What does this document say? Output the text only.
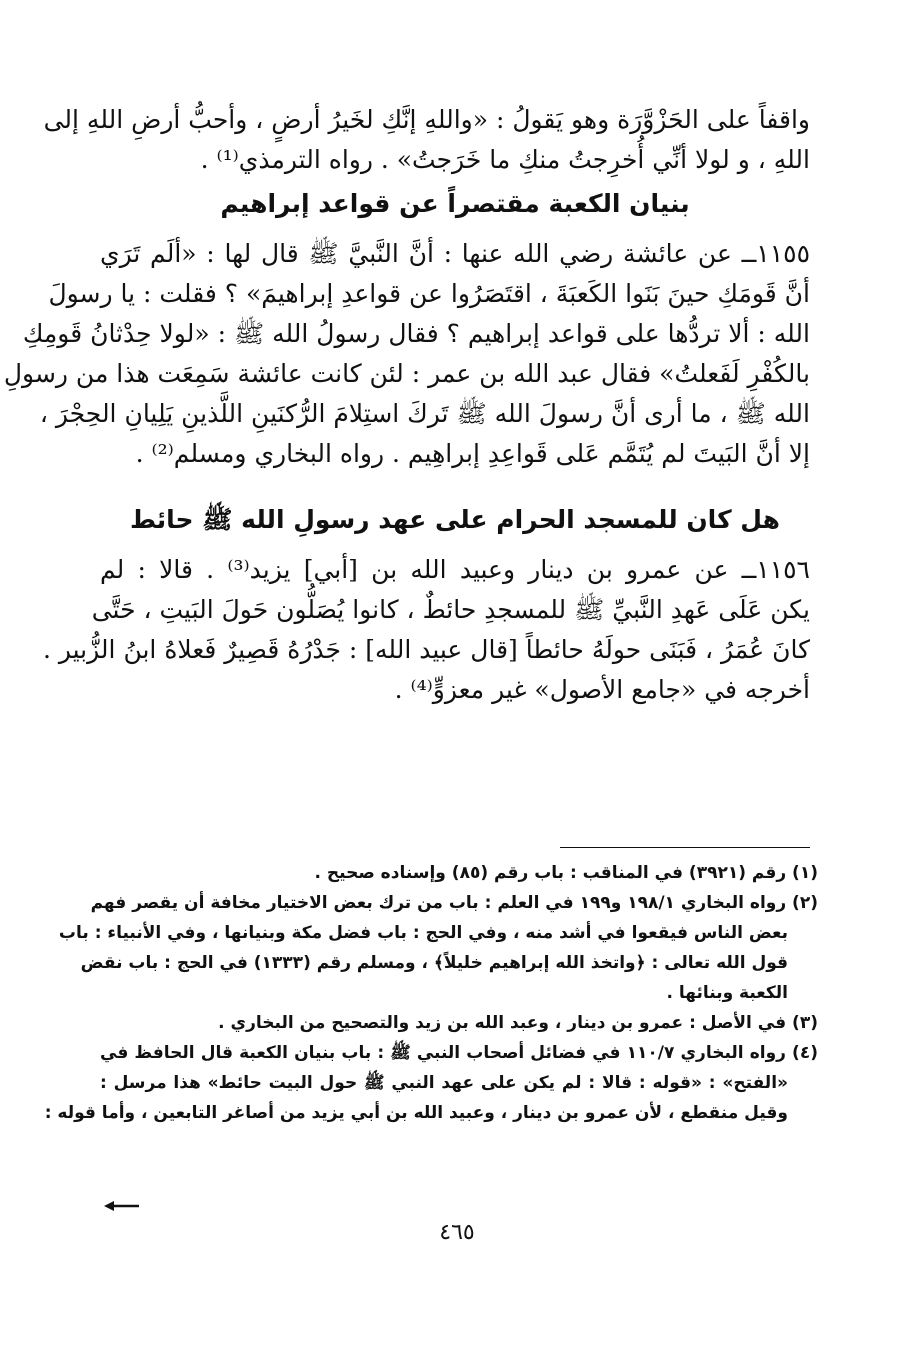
واقفاً على الحَزْوَّرَة وهو يَقولُ : «واللهِ إنَّكِ لخَيرُ أرضٍ ، وأحبُّ أرضِ اللهِ إلى
اللهِ ، و لولا أنِّي أُخرِجتُ منكِ ما خَرَجتُ» . رواه الترمذي⁽¹⁾ .
بنيان الكعبة مقتصراً عن قواعد إبراهيم
١١٥٥ــ عن عائشة رضي الله عنها : أنَّ النَّبيَّ ﷺ قال لها : «ألَم تَرَي
أنَّ قَومَكِ حينَ بَنَوا الكَعبَةَ ، اقتَصَرُوا عن قواعدِ إبراهيمَ» ؟ فقلت : يا رسولَ
الله : ألا تردُّها على قواعد إبراهيم ؟ فقال رسولُ الله ﷺ : «لولا حِدْثانُ قَومِكِ
بالكُفْرِ لَفَعلتُ» فقال عبد الله بن عمر : لئن كانت عائشة سَمِعَت هذا من رسولِ
الله ﷺ ، ما أرى أنَّ رسولَ الله ﷺ تَركَ استِلامَ الرُّكنَينِ اللَّذينِ يَلِيانِ الحِجْرَ ،
إلا أنَّ البَيتَ لم يُتَمَّم عَلى قَواعِدِ إبراهِيم . رواه البخاري ومسلم⁽²⁾ .
هل كان للمسجد الحرام على عهد رسولِ الله ﷺ حائط
١١٥٦ــ عن عمرو بن دينار وعبيد الله بن [أبي] يزيد⁽³⁾ . قالا : لم
يكن عَلَى عَهدِ النَّبيِّ ﷺ للمسجدِ حائطٌ ، كانوا يُصَلُّون حَولَ البَيتِ ، حَتَّى
كانَ عُمَرُ ، فَبَنَى حولَهُ حائطاً [قال عبيد الله] : جَدْرُهُ قَصِيرٌ فَعلاهُ ابنُ الزُّبير .
أخرجه في «جامع الأصول» غير معزوٍّ⁽⁴⁾ .
(١) رقم (٣٩٢١) في المناقب : باب رقم (٨٥) وإسناده صحيح .
(٢) رواه البخاري ١٩٨/١ و١٩٩ في العلم : باب من ترك بعض الاختيار مخافة أن يقصر فهم
بعض الناس فيقعوا في أشد منه ، وفي الحج : باب فضل مكة وبنيانها ، وفي الأنبياء : باب
قول الله تعالى : ﴿واتخذ الله إبراهيم خليلاً﴾ ، ومسلم رقم (١٣٣٣) في الحج : باب نقض
الكعبة وبنائها .
(٣) في الأصل : عمرو بن دينار ، وعبد الله بن زيد والتصحيح من البخاري .
(٤) رواه البخاري ١١٠/٧ في فضائل أصحاب النبي ﷺ : باب بنيان الكعبة قال الحافظ في
«الفتح» : «قوله : قالا : لم يكن على عهد النبي ﷺ حول البيت حائط» هذا مرسل :
وقيل منقطع ، لأن عمرو بن دينار ، وعبيد الله بن أبي يزيد من أصاغر التابعين ، وأما قوله :
٤٦٥
